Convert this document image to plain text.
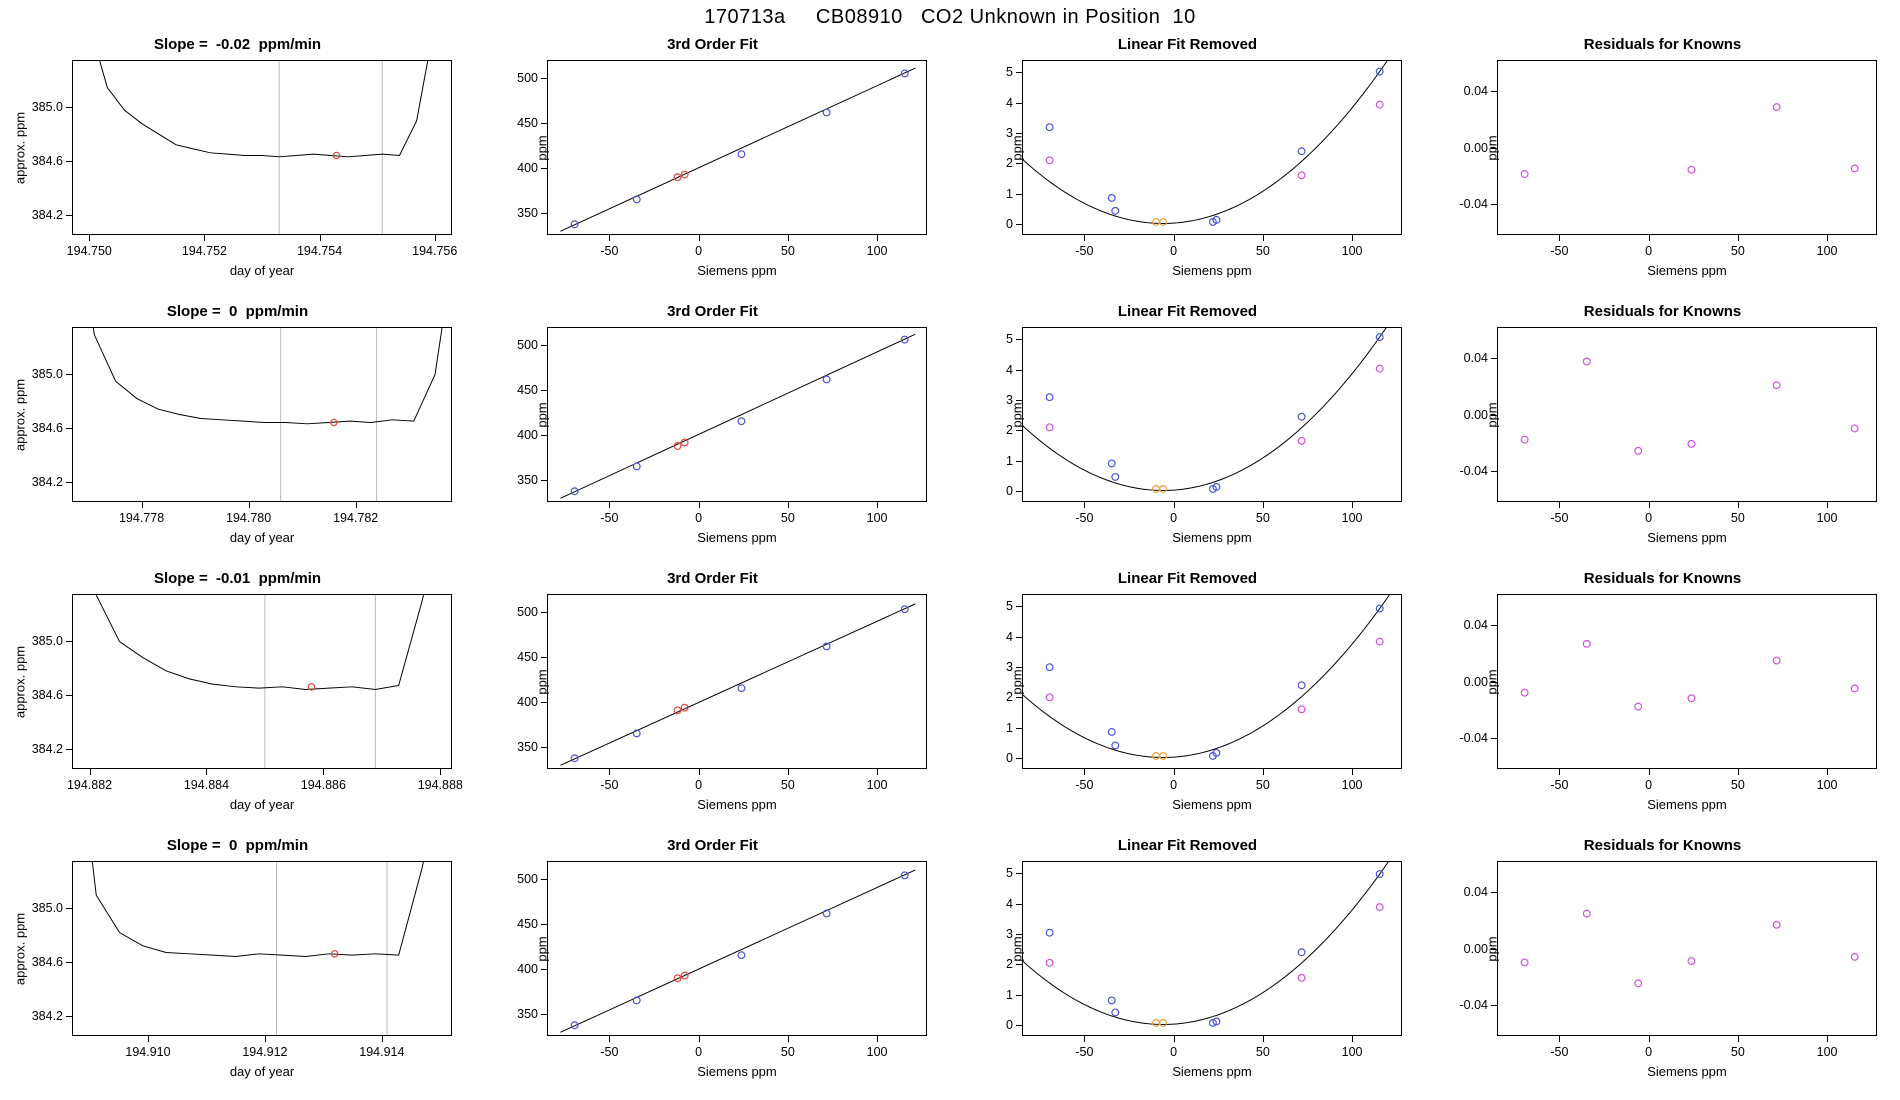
170713a     CB08910   CO2 Unknown in Position  10
Slope =  -0.02  ppm/min
194.750	194.752	194.754	194.756
384.2
384.6
385.0
day of year
approx. ppm
3rd Order Fit
-50	0	50	100
350
400
450
500
Siemens ppm
ppm
Linear Fit Removed
-50	0	50	100
0
1
2
3
4
5
Siemens ppm
ppm
Residuals for Knowns
-50	0	50	100
-0.04
0.00
0.04
Siemens ppm
ppm
Slope =  0  ppm/min
194.778	194.780	194.782
384.2
384.6
385.0
day of year
approx. ppm
3rd Order Fit
-50	0	50	100
350
400
450
500
Siemens ppm
ppm
Linear Fit Removed
-50	0	50	100
0
1
2
3
4
5
Siemens ppm
ppm
Residuals for Knowns
-50	0	50	100
-0.04
0.00
0.04
Siemens ppm
ppm
Slope =  -0.01  ppm/min
194.882	194.884	194.886	194.888
384.2
384.6
385.0
day of year
approx. ppm
3rd Order Fit
-50	0	50	100
350
400
450
500
Siemens ppm
ppm
Linear Fit Removed
-50	0	50	100
0
1
2
3
4
5
Siemens ppm
ppm
Residuals for Knowns
-50	0	50	100
-0.04
0.00
0.04
Siemens ppm
ppm
Slope =  0  ppm/min
194.910	194.912	194.914
384.2
384.6
385.0
day of year
approx. ppm
3rd Order Fit
-50	0	50	100
350
400
450
500
Siemens ppm
ppm
Linear Fit Removed
-50	0	50	100
0
1
2
3
4
5
Siemens ppm
ppm
Residuals for Knowns
-50	0	50	100
-0.04
0.00
0.04
Siemens ppm
ppm
